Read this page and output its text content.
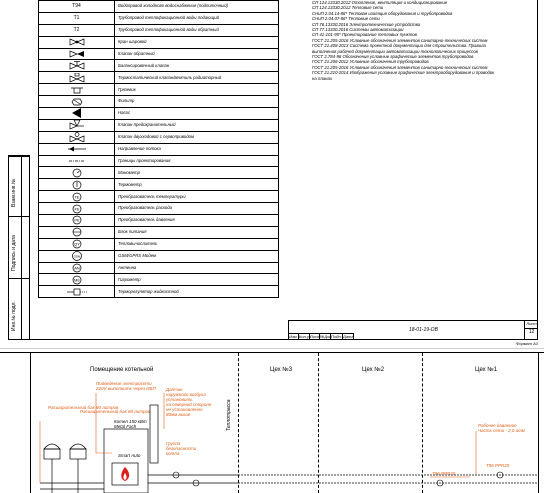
Взам.инв.№
Подпись и дата
Инв.№ подл.
Т94	Водопровод холодного водоснабжения (подпиточный)
Т1	Трубопровод теплофикационной воды подающий
Т2	Трубопровод теплофикационной воды обратный

	Кран шаровой

	Клапан обратный

	Балансировочный клапан

	Термостатический клапан/вентиль радиаторный

	Грязевик

	Фильтр

	Насос

	Клапан предохранительный

	Клапан двухходовой с сервоприводом

	Направление потока

	Границы проектирования

	Манометр

	Термометр

TE	Преобразователь температуры

FE	Преобразователь расхода

PE	Преобразователь давления

	Блок питания

QY	Тепловычислитель

GSM	GSM/GPRS Модем

AN	Антенна

ME	Гигрометр

	Терморегулятор жидкостной
СП 124.13330.2012 Отопление, вентиляция и кондиционирование
СП 124.13330.2012 Тепловые сети
СНиП 2.04.14-88* Тепловая изоляция оборудования и трубопроводов
СНиП 2.04.07-86* Тепловые сети
СП 76.13330.2016 Электротехнические устройства
СП 77.13330.2016 Системы автоматизации
СП 41-101-95* Проектирование тепловых пунктов
ГОСТ 21.205-2016 Условные обозначения элементов санитарно-технических систем
ГОСТ 21.408-2013 Система проектной документации для строительства. Правила
выполнения рабочей документации автоматизации технологических процессов
ГОСТ 2.784-96 Обозначения условные графические элементов трубопроводов
ГОСТ 21.206-2012 Условные обозначения трубопроводов
ГОСТ 21.205-2016 Условные обозначения элементов санитарно-технических систем
ГОСТ 21.210-2014 Изображения условные графические электрооборудования и проводок
на планах
Изм. Кол.уч Лист №Док.
Подп. Дата
18-01-19-ОВ
Лист
12
Формат А3
Помещение котельной	Цех №3	Цех №2	Цех №1
Подведение электросети
220V выполнить через ИБП
Расширительный бак 80 литров
Расширительный бак 80 литров
Котел 150 кВт
Metal Fach
Датчик
наружного воздуха
установить
на северной стороне
не установленно
80мм выше
Smart Auto
Группа
безопасности
котла
Теплотрасса	Рабочее давление
Часть сети - 2,0 атм
Т96 PPR20
Т96 PPR20
